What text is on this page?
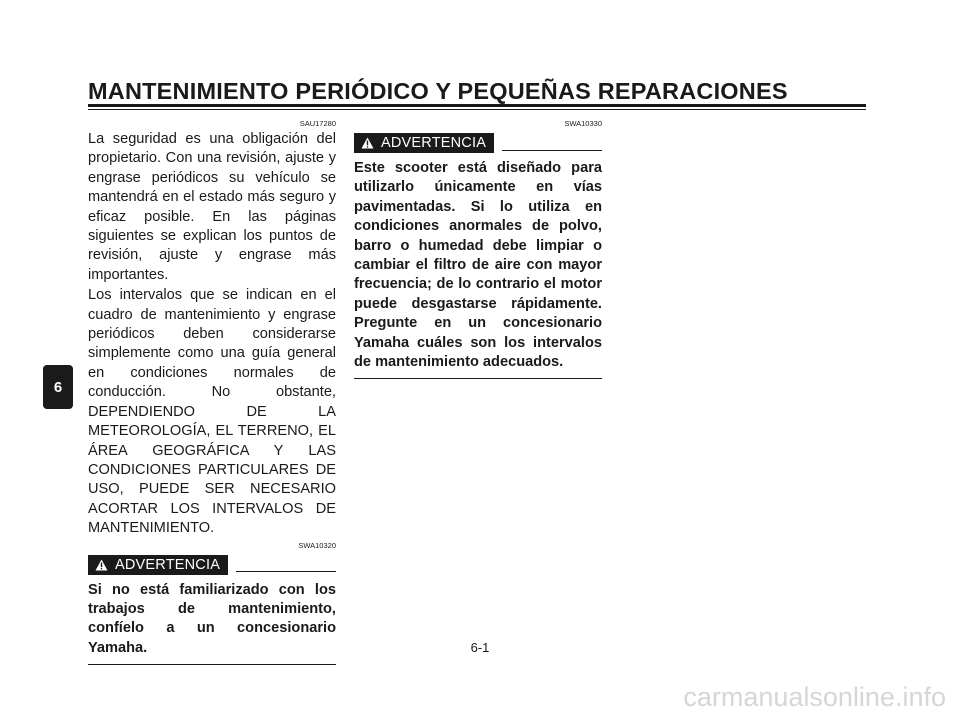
MANTENIMIENTO PERIÓDICO Y PEQUEÑAS REPARACIONES
6
SAU17280

La seguridad es una obligación del propietario. Con una revisión, ajuste y engrase periódicos su vehículo se mantendrá en el estado más seguro y eficaz posible. En las páginas siguientes se explican los puntos de revisión, ajuste y engrase más importantes.

Los intervalos que se indican en el cuadro de mantenimiento y engrase periódicos deben considerarse simplemente como una guía general en condiciones normales de conducción. No obstante, DEPENDIENDO DE LA METEOROLOGÍA, EL TERRENO, EL ÁREA GEOGRÁFICA Y LAS CONDICIONES PARTICULARES DE USO, PUEDE SER NECESARIO ACORTAR LOS INTERVALOS DE MANTENIMIENTO.

SWA10320
ADVERTENCIA

Si no está familiarizado con los trabajos de mantenimiento, confíelo a un concesionario Yamaha.

SWA10330
ADVERTENCIA

Este scooter está diseñado para utilizarlo únicamente en vías pavimentadas. Si lo utiliza en condiciones anormales de polvo, barro o humedad debe limpiar o cambiar el filtro de aire con mayor frecuencia; de lo contrario el motor puede desgastarse rápidamente. Pregunte en un concesionario Yamaha cuáles son los intervalos de mantenimiento adecuados.

6-1
carmanualsonline.info
